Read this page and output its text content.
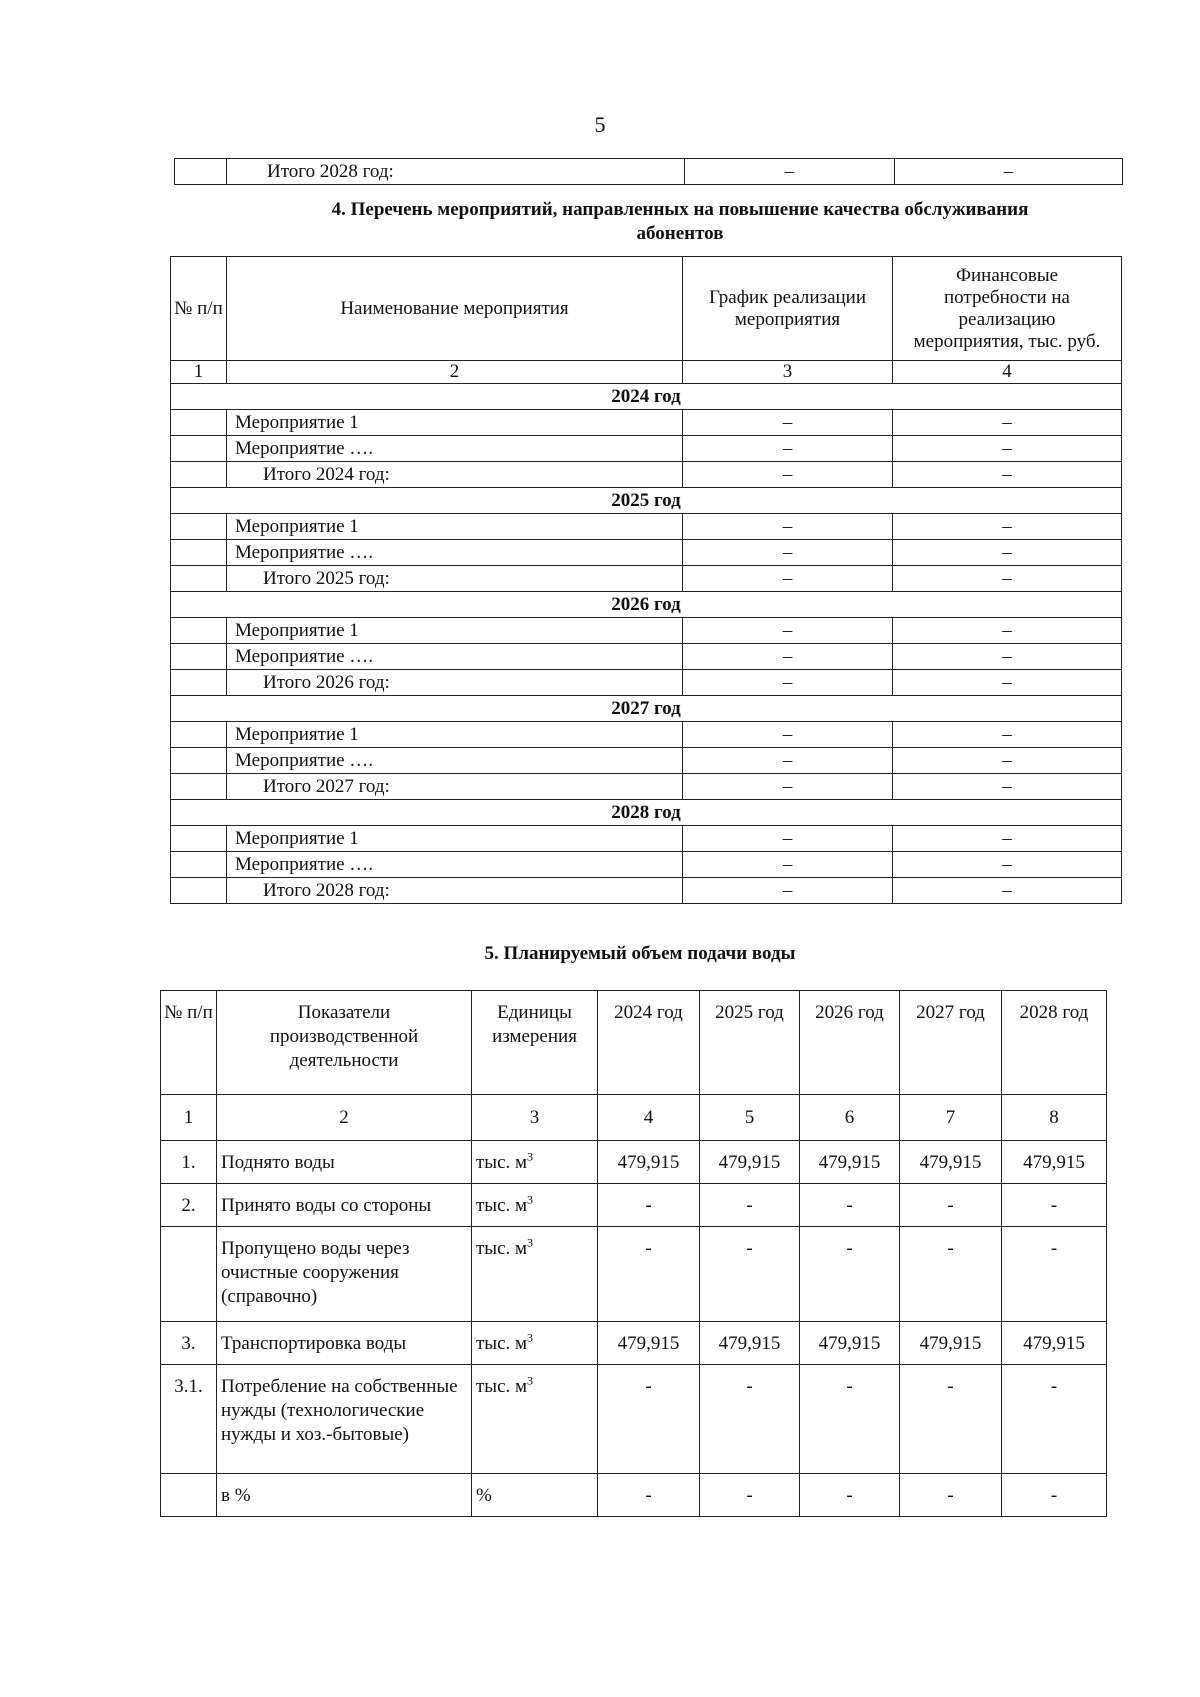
5
	Итого 2028 год:	–	–
4. Перечень мероприятий, направленных на повышение качества обслуживания
абонентов
№ п/п	Наименование мероприятия	График реализации мероприятия	Финансовые потребности на реализацию мероприятия, тыс. руб.
1	2	3	4
2024 год			
	Мероприятие 1	–	–
	Мероприятие ….	–	–
	Итого 2024 год:	–	–
2025 год			
	Мероприятие 1	–	–
	Мероприятие ….	–	–
	Итого 2025 год:	–	–
2026 год			
	Мероприятие 1	–	–
	Мероприятие ….	–	–
	Итого 2026 год:	–	–
2027 год			
	Мероприятие 1	–	–
	Мероприятие ….	–	–
	Итого 2027 год:	–	–
2028 год			
	Мероприятие 1	–	–
	Мероприятие ….	–	–
	Итого 2028 год:	–	–
5. Планируемый объем подачи воды
№ п/п	Показатели производственной деятельности	Единицы измерения	2024 год	2025 год	2026 год	2027 год	2028 год
1	2	3	4	5	6	7	8
1.	Поднято воды	тыс. $м^3$	479,915	479,915	479,915	479,915	479,915
2.	Принято воды со стороны	тыс. $м^3$	-	-	-	-	-
	Пропущено воды через очистные сооружения (справочно)	тыс. $м^3$	-	-	-	-	-
3.	Транспортировка воды	тыс. $м^3$	479,915	479,915	479,915	479,915	479,915
3.1.	Потребление на собственные нужды (технологические нужды и хоз.-бытовые)	тыс. $м^3$	-	-	-	-	-
	в %	%	-	-	-	-	-
